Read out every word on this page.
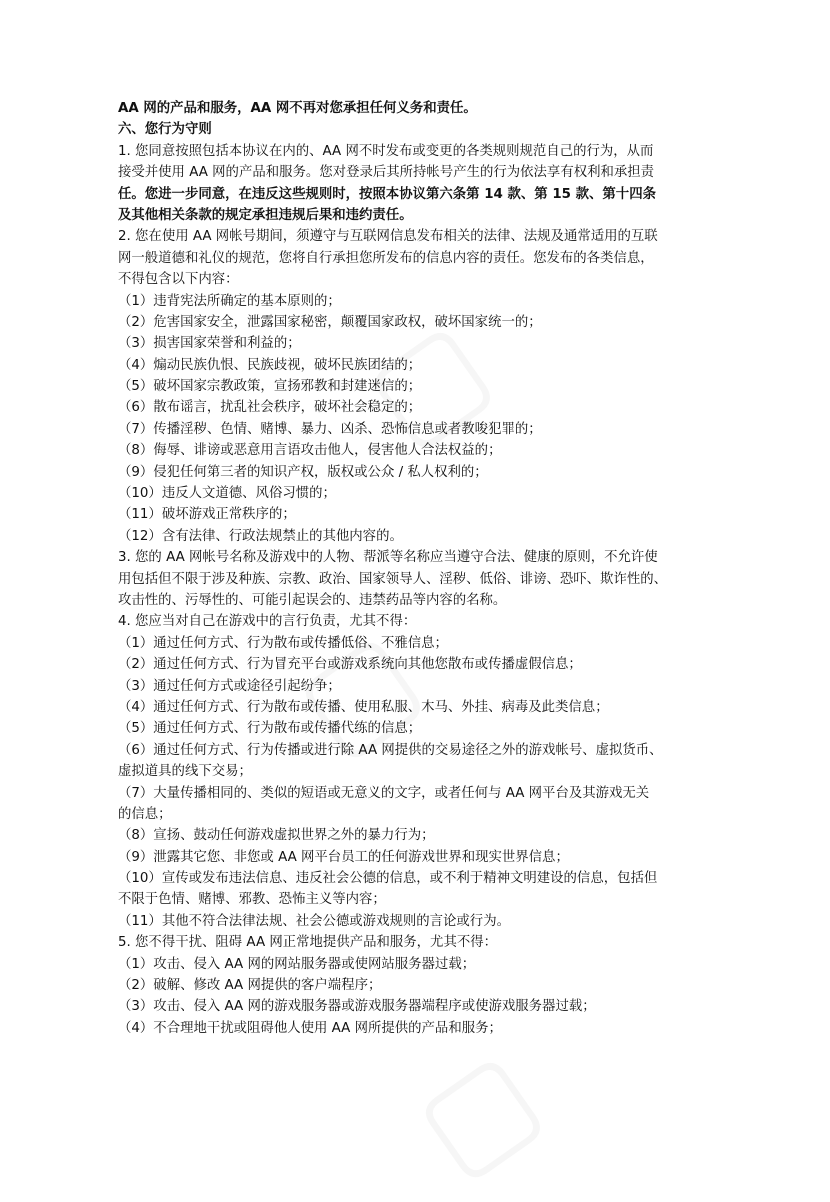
AA 网的产品和服务，AA 网不再对您承担任何义务和责任。
六、您行为守则
1. 您同意按照包括本协议在内的、AA 网不时发布或变更的各类规则规范自己的行为，从而
接受并使用 AA 网的产品和服务。您对登录后其所持帐号产生的行为依法享有权利和承担责
任。您进一步同意，在违反这些规则时，按照本协议第六条第 14 款、第 15 款、第十四条
及其他相关条款的规定承担违规后果和违约责任。
2. 您在使用 AA 网帐号期间，须遵守与互联网信息发布相关的法律、法规及通常适用的互联
网一般道德和礼仪的规范，您将自行承担您所发布的信息内容的责任。您发布的各类信息，
不得包含以下内容：
（1）违背宪法所确定的基本原则的；
（2）危害国家安全，泄露国家秘密，颠覆国家政权，破坏国家统一的；
（3）损害国家荣誉和利益的；
（4）煽动民族仇恨、民族歧视，破坏民族团结的；
（5）破坏国家宗教政策，宣扬邪教和封建迷信的；
（6）散布谣言，扰乱社会秩序，破坏社会稳定的；
（7）传播淫秽、色情、赌博、暴力、凶杀、恐怖信息或者教唆犯罪的；
（8）侮辱、诽谤或恶意用言语攻击他人，侵害他人合法权益的；
（9）侵犯任何第三者的知识产权，版权或公众 / 私人权利的；
（10）违反人文道德、风俗习惯的；
（11）破坏游戏正常秩序的；
（12）含有法律、行政法规禁止的其他内容的。
3. 您的 AA 网帐号名称及游戏中的人物、帮派等名称应当遵守合法、健康的原则，不允许使
用包括但不限于涉及种族、宗教、政治、国家领导人、淫秽、低俗、诽谤、恐吓、欺诈性的、
攻击性的、污辱性的、可能引起误会的、违禁药品等内容的名称。
4. 您应当对自己在游戏中的言行负责，尤其不得：
（1）通过任何方式、行为散布或传播低俗、不雅信息；
（2）通过任何方式、行为冒充平台或游戏系统向其他您散布或传播虚假信息；
（3）通过任何方式或途径引起纷争；
（4）通过任何方式、行为散布或传播、使用私服、木马、外挂、病毒及此类信息；
（5）通过任何方式、行为散布或传播代练的信息；
（6）通过任何方式、行为传播或进行除 AA 网提供的交易途径之外的游戏帐号、虚拟货币、
虚拟道具的线下交易；
（7）大量传播相同的、类似的短语或无意义的文字，或者任何与 AA 网平台及其游戏无关
的信息；
（8）宣扬、鼓动任何游戏虚拟世界之外的暴力行为；
（9）泄露其它您、非您或 AA 网平台员工的任何游戏世界和现实世界信息；
（10）宣传或发布违法信息、违反社会公德的信息，或不利于精神文明建设的信息，包括但
不限于色情、赌博、邪教、恐怖主义等内容；
（11）其他不符合法律法规、社会公德或游戏规则的言论或行为。
5. 您不得干扰、阻碍 AA 网正常地提供产品和服务，尤其不得：
（1）攻击、侵入 AA 网的网站服务器或使网站服务器过载；
（2）破解、修改 AA 网提供的客户端程序；
（3）攻击、侵入 AA 网的游戏服务器或游戏服务器端程序或使游戏服务器过载；
（4）不合理地干扰或阻碍他人使用 AA 网所提供的产品和服务；
